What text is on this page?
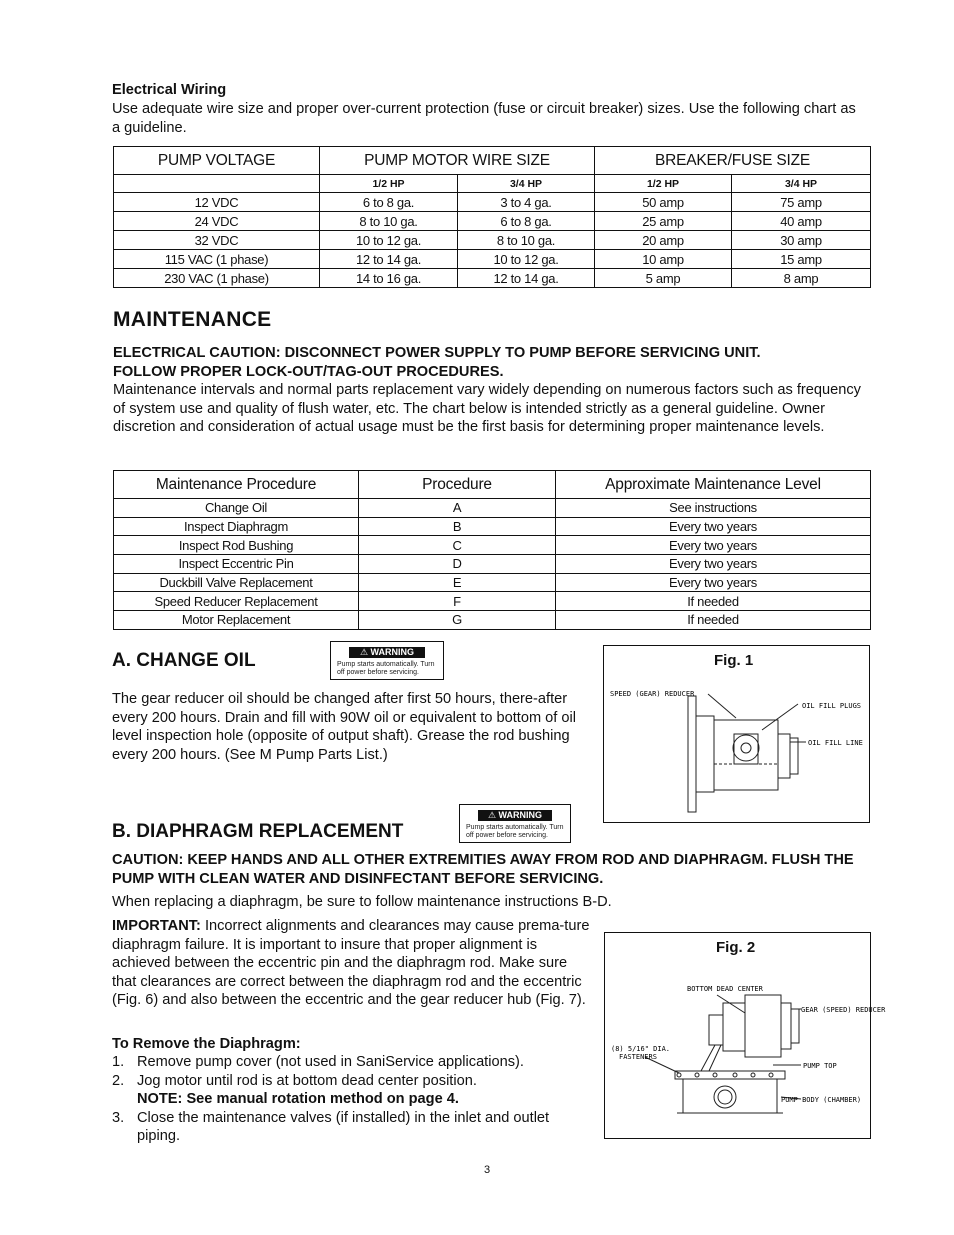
Electrical Wiring
Use adequate wire size and proper over-current protection (fuse or circuit breaker) sizes. Use the following chart as a guideline.
PUMP VOLTAGE	PUMP MOTOR WIRE SIZE		BREAKER/FUSE SIZE	
	1/2 HP	3/4 HP	1/2 HP	3/4 HP
12 VDC	6 to 8 ga.	3 to 4 ga.	50 amp	75 amp
24 VDC	8 to 10 ga.	6 to 8 ga.	25 amp	40 amp
32 VDC	10 to 12 ga.	8 to 10 ga.	20 amp	30 amp
115 VAC (1 phase)	12 to 14 ga.	10 to 12 ga.	10 amp	15 amp
230 VAC (1 phase)	14 to 16 ga.	12 to 14 ga.	5 amp	8 amp
MAINTENANCE
ELECTRICAL CAUTION: DISCONNECT POWER SUPPLY TO PUMP BEFORE SERVICING UNIT. FOLLOW PROPER LOCK-OUT/TAG-OUT PROCEDURES.
Maintenance intervals and normal parts replacement vary widely depending on numerous factors such as frequency of system use and quality of flush water, etc. The chart below is intended strictly as a general guideline. Owner discretion and consideration of actual usage must be the first basis for determining proper maintenance levels.
Maintenance Procedure	Procedure	Approximate Maintenance Level
Change Oil	A	See instructions
Inspect Diaphragm	B	Every two years
Inspect Rod Bushing	C	Every two years
Inspect Eccentric Pin	D	Every two years
Duckbill Valve Replacement	E	Every two years
Speed Reducer Replacement	F	If needed
Motor Replacement	G	If needed
A. CHANGE OIL	⚠ WARNING
Pump starts automatically. Turn
off power before servicing.
The gear reducer oil should be changed after first 50 hours, there-after every 200 hours. Drain and fill with 90W oil or equivalent to bottom of oil level inspection hole (opposite of output shaft). Grease the rod bushing every 200 hours. (See M Pump Parts List.)
Fig. 1
SPEED (GEAR) REDUCER
OIL FILL PLUGS
OIL FILL LINE
B. DIAPHRAGM REPLACEMENT
⚠ WARNING
Pump starts automatically. Turn
off power before servicing.
CAUTION: KEEP HANDS AND ALL OTHER EXTREMITIES AWAY FROM ROD AND DIAPHRAGM. FLUSH THE PUMP WITH CLEAN WATER AND DISINFECTANT BEFORE SERVICING.
When replacing a diaphragm, be sure to follow maintenance instructions B-D.
IMPORTANT: Incorrect alignments and clearances may cause prema-ture diaphragm failure. It is important to insure that proper alignment is achieved between the eccentric pin and the diaphragm rod. Make sure that clearances are correct between the diaphragm rod and the eccentric (Fig. 6) and also between the eccentric and the gear reducer hub (Fig. 7).
To Remove the Diaphragm:
1. Remove pump cover (not used in SaniService applications).
2. Jog motor until rod is at bottom dead center position.
NOTE: See manual rotation method on page 4.
3. Close the maintenance valves (if installed) in the inlet and outlet piping.
Fig. 2
BOTTOM DEAD CENTER
GEAR (SPEED) REDUCER
(8) 5/16" DIA.
FASTENERS
PUMP TOP
PUMP BODY (CHAMBER)
3
